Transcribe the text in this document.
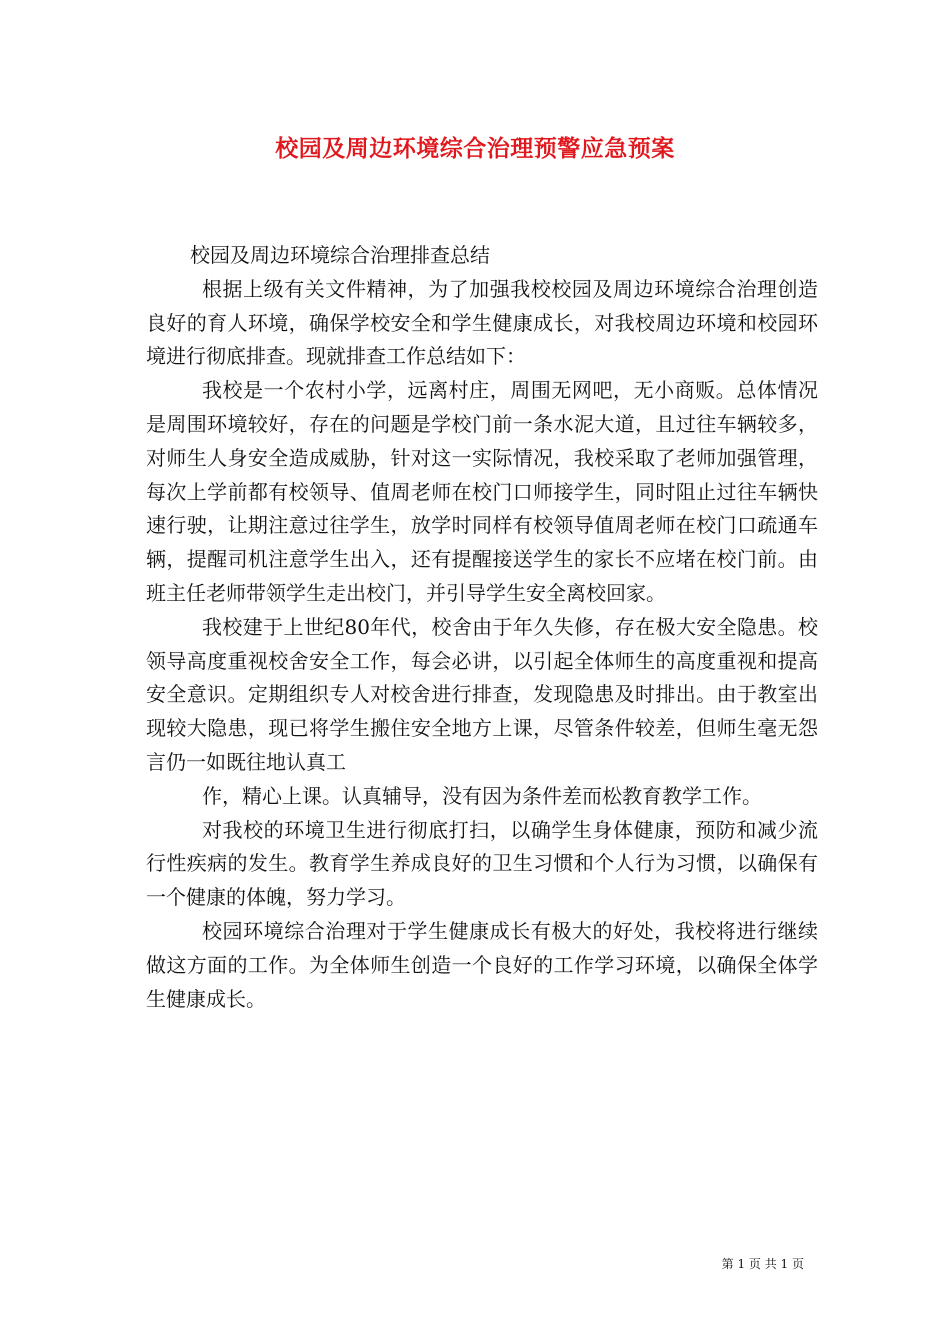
校园及周边环境综合治理预警应急预案

校园及周边环境综合治理排查总结

根据上级有关文件精神，为了加强我校校园及周边环境综合治理创造良好的育人环境，确保学校安全和学生健康成长，对我校周边环境和校园环境进行彻底排查。现就排查工作总结如下：

我校是一个农村小学，远离村庄，周围无网吧，无小商贩。总体情况是周围环境较好，存在的问题是学校门前一条水泥大道，且过往车辆较多，对师生人身安全造成威胁，针对这一实际情况，我校采取了老师加强管理，每次上学前都有校领导、值周老师在校门口师接学生，同时阻止过往车辆快速行驶，让期注意过往学生，放学时同样有校领导值周老师在校门口疏通车辆，提醒司机注意学生出入，还有提醒接送学生的家长不应堵在校门前。由班主任老师带领学生走出校门，并引导学生安全离校回家。

我校建于上世纪80年代，校舍由于年久失修，存在极大安全隐患。校领导高度重视校舍安全工作，每会必讲，以引起全体师生的高度重视和提高安全意识。定期组织专人对校舍进行排查，发现隐患及时排出。由于教室出现较大隐患，现已将学生搬住安全地方上课，尽管条件较差，但师生毫无怨言仍一如既往地认真工

作，精心上课。认真辅导，没有因为条件差而松教育教学工作。

对我校的环境卫生进行彻底打扫，以确学生身体健康，预防和减少流行性疾病的发生。教育学生养成良好的卫生习惯和个人行为习惯，以确保有一个健康的体魄，努力学习。

校园环境综合治理对于学生健康成长有极大的好处，我校将进行继续做这方面的工作。为全体师生创造一个良好的工作学习环境，以确保全体学生健康成长。

第 1 页 共 1 页
